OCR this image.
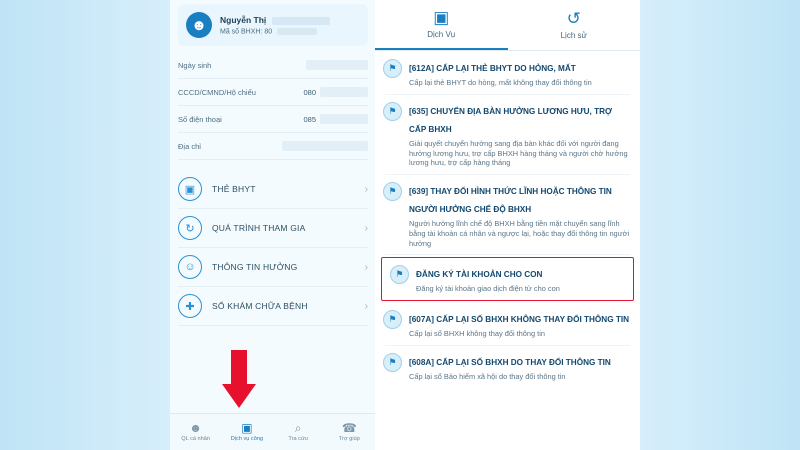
☻	Nguyễn Thị
Mã số BHXH: 80
Ngày sinh
CCCD/CMND/Hộ chiếu	080
Số điện thoại	085
Địa chỉ
▣	THẺ BHYT	›
↻	QUÁ TRÌNH THAM GIA	›
☺	THÔNG TIN HƯỞNG	›
✚	SỔ KHÁM CHỮA BỆNH	›
☻
QL cá nhân
▣
Dịch vụ công
⌕
Tra cứu
☎
Trợ giúp
▣
Dịch Vụ
↺
Lịch sử
⚑	[612A] CẤP LẠI THẺ BHYT DO HỎNG, MẤT
Cấp lại thẻ BHYT do hỏng, mất không thay đổi thông tin
⚑	[635] CHUYỂN ĐỊA BÀN HƯỞNG LƯƠNG HƯU, TRỢ CẤP BHXH
Giải quyết chuyển hưởng sang địa bàn khác đối với người đang hưởng lương hưu, trợ cấp BHXH hàng tháng và người chờ hưởng lương hưu, trợ cấp hàng tháng
⚑	[639] THAY ĐỔI HÌNH THỨC LĨNH HOẶC THÔNG TIN NGƯỜI HƯỞNG CHẾ ĐỘ BHXH
Người hưởng lĩnh chế độ BHXH bằng tiền mặt chuyển sang lĩnh bằng tài khoản cá nhân và ngược lại, hoặc thay đổi thông tin người hưởng
⚑	ĐĂNG KÝ TÀI KHOẢN CHO CON
Đăng ký tài khoản giao dịch điện tử cho con
⚑	[607A] CẤP LẠI SỐ BHXH KHÔNG THAY ĐỔI THÔNG TIN
Cấp lại sổ BHXH không thay đổi thông tin
⚑	[608A] CẤP LẠI SỐ BHXH DO THAY ĐỔI THÔNG TIN
Cấp lại sổ Bảo hiểm xã hội do thay đổi thông tin
